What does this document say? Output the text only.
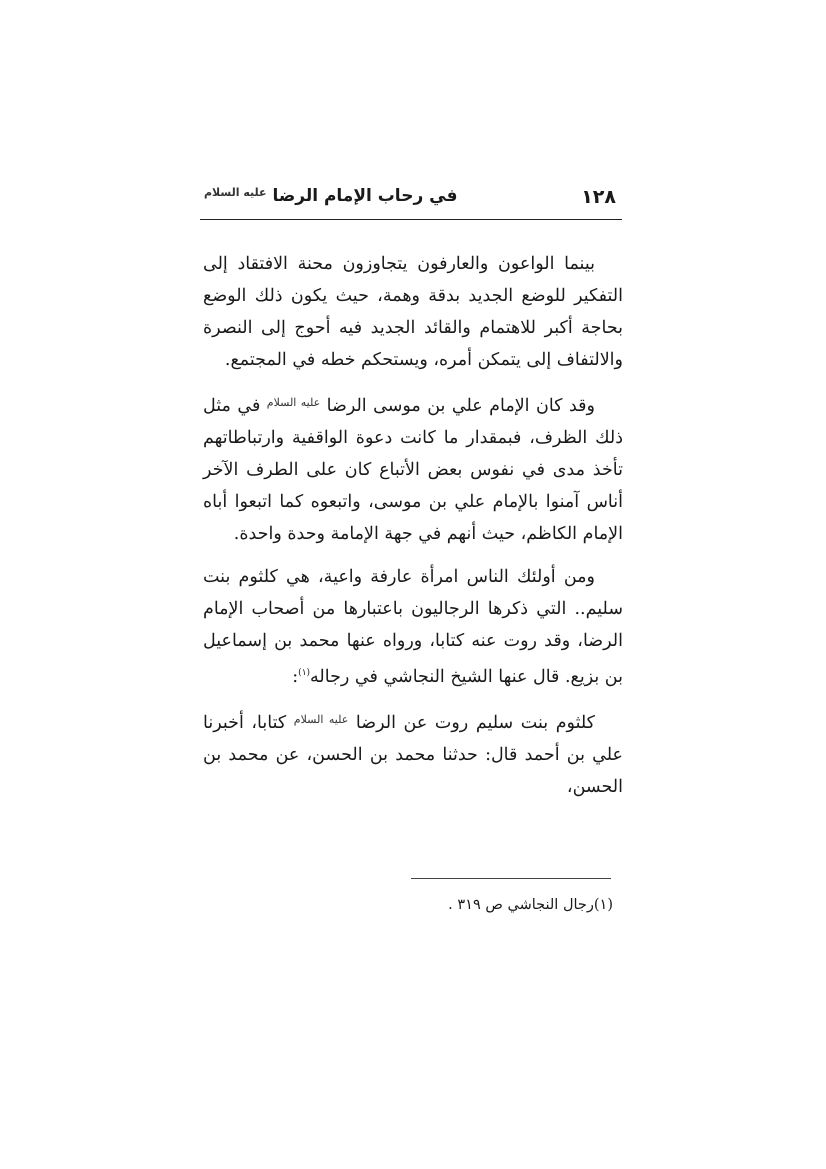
١٢٨
في رحاب الإمام الرضا $^{عليه السلام}$

بينما الواعون والعارفون يتجاوزون محنة الافتقاد إلى التفكير للوضع الجديد بدقة وهمة، حيث يكون ذلك الوضع بحاجة أكبر للاهتمام والقائد الجديد فيه أحوج إلى النصرة والالتفاف إلى يتمكن أمره، ويستحكم خطه في المجتمع.

وقد كان الإمام علي بن موسى الرضا $^{عليه السلام}$ في مثل ذلك الظرف، فبمقدار ما كانت دعوة الواقفية وارتباطاتهم تأخذ مدى في نفوس بعض الأتباع كان على الطرف الآخر أناس آمنوا بالإمام علي بن موسى، واتبعوه كما اتبعوا أباه الإمام الكاظم، حيث أنهم في جهة الإمامة وحدة واحدة.

ومن أولئك الناس امرأة عارفة واعية، هي كلثوم بنت سليم.. التي ذكرها الرجاليون باعتبارها من أصحاب الإمام الرضا، وقد روت عنه كتابا، ورواه عنها محمد بن إسماعيل بن بزيع. قال عنها الشيخ النجاشي في رجاله$^{(١)}$:

كلثوم بنت سليم روت عن الرضا $^{عليه السلام}$ كتابا، أخبرنا علي بن أحمد قال: حدثنا محمد بن الحسن، عن محمد بن الحسن،

(١)رجال النجاشي ص ٣١٩ .
